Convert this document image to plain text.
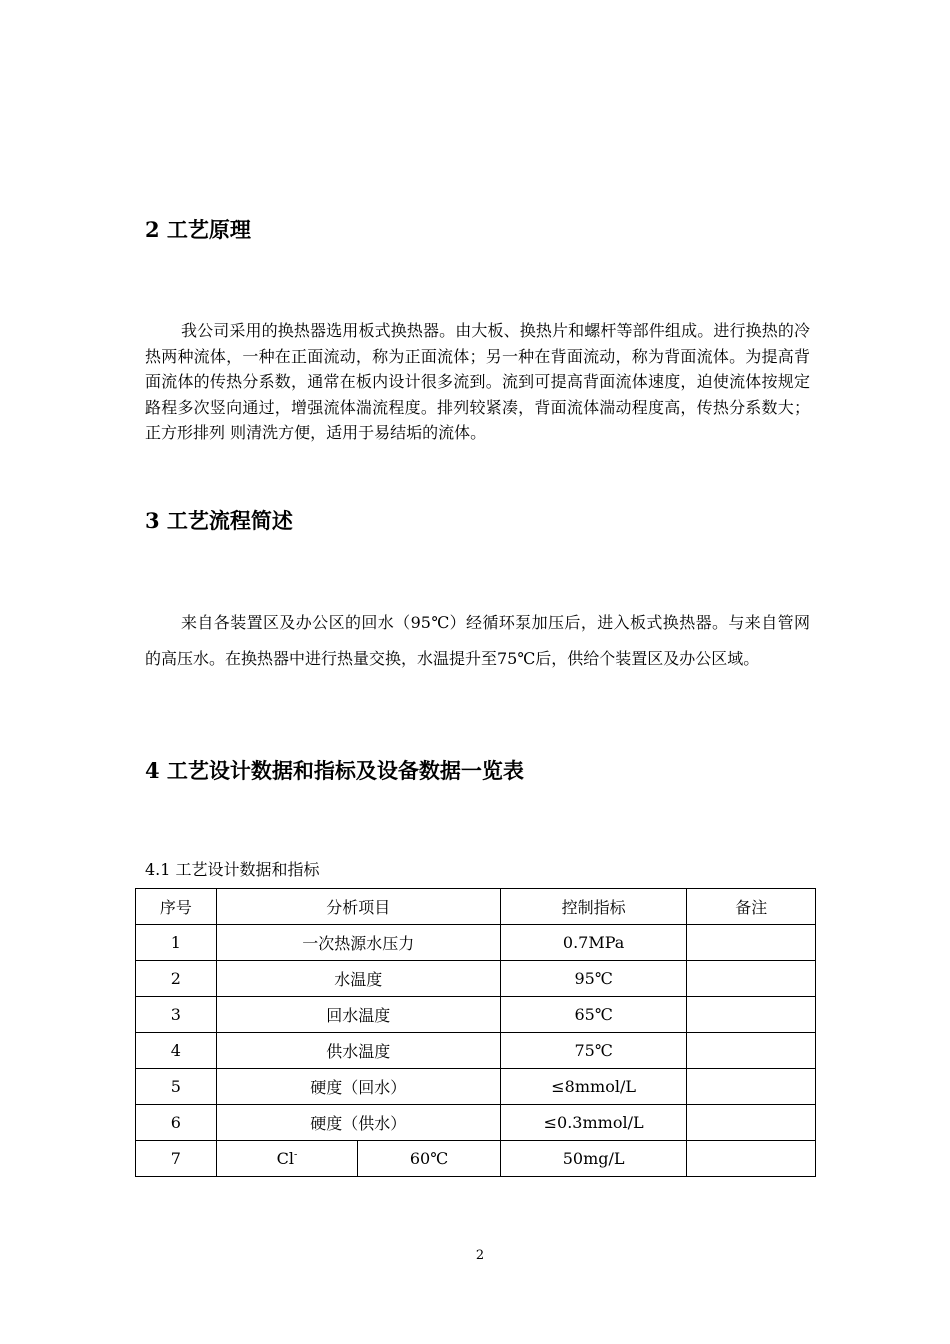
2 工艺原理

我公司采用的换热器选用板式换热器。由大板、换热片和螺杆等部件组成。进行换热的冷热两种流体，一种在正面流动，称为正面流体；另一种在背面流动，称为背面流体。为提高背面流体的传热分系数，通常在板内设计很多流到。流到可提高背面流体速度，迫使流体按规定路程多次竖向通过，增强流体湍流程度。排列较紧凑，背面流体湍动程度高，传热分系数大；正方形排列 则清洗方便，适用于易结垢的流体。

3 工艺流程简述

来自各装置区及办公区的回水（95℃）经循环泵加压后，进入板式换热器。与来自管网的高压水。在换热器中进行热量交换，水温提升至75℃后，供给个装置区及办公区域。

4 工艺设计数据和指标及设备数据一览表

4.1 工艺设计数据和指标

序号	分析项目		控制指标	备注
1	一次热源水压力		0.7MPa	
2	水温度		95℃	
3	回水温度		65℃	
4	供水温度		75℃	
5	硬度（回水）		≤8mmol/L	
6	硬度（供水）		≤0.3mmol/L	
7	Cl-	60℃	50mg/L	

2
